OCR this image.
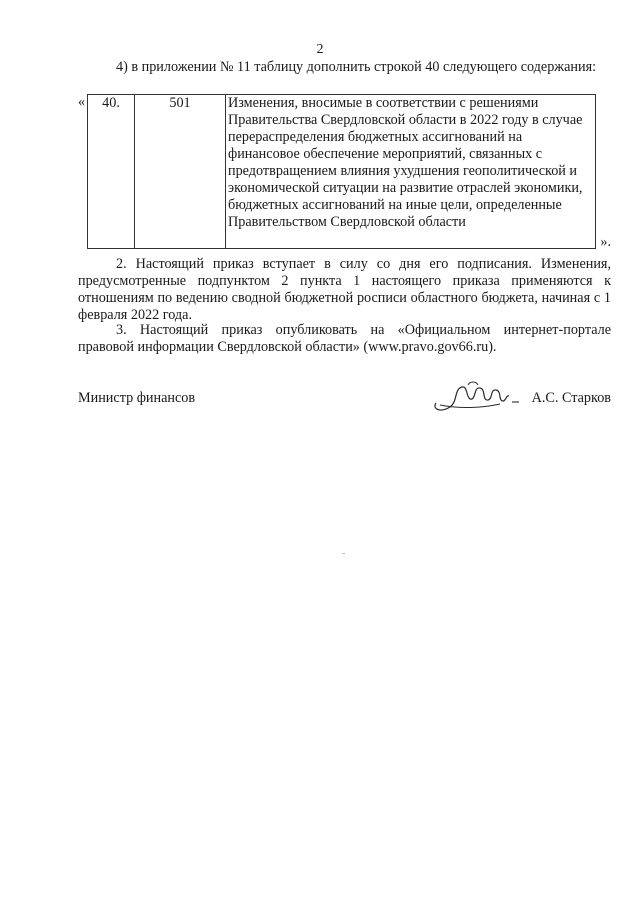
2

4) в приложении № 11 таблицу дополнить строкой 40 следующего содержания:

« 40.	501	Изменения, вносимые в соответствии с решениями Правительства Свердловской области в 2022 году в случае перераспределения бюджетных ассигнований на финансовое обеспечение мероприятий, связанных с предотвращением влияния ухудшения геополитической и экономической ситуации на развитие отраслей экономики, бюджетных ассигнований на иные цели, определенные Правительством Свердловской области
».

2. Настоящий приказ вступает в силу со дня его подписания. Изменения, предусмотренные подпунктом 2 пункта 1 настоящего приказа применяются к отношениям по ведению сводной бюджетной росписи областного бюджета, начиная с 1 февраля 2022 года.

3. Настоящий приказ опубликовать на «Официальном интернет-портале правовой информации Свердловской области» (www.pravo.gov66.ru).

Министр финансов	А.С. Старков
